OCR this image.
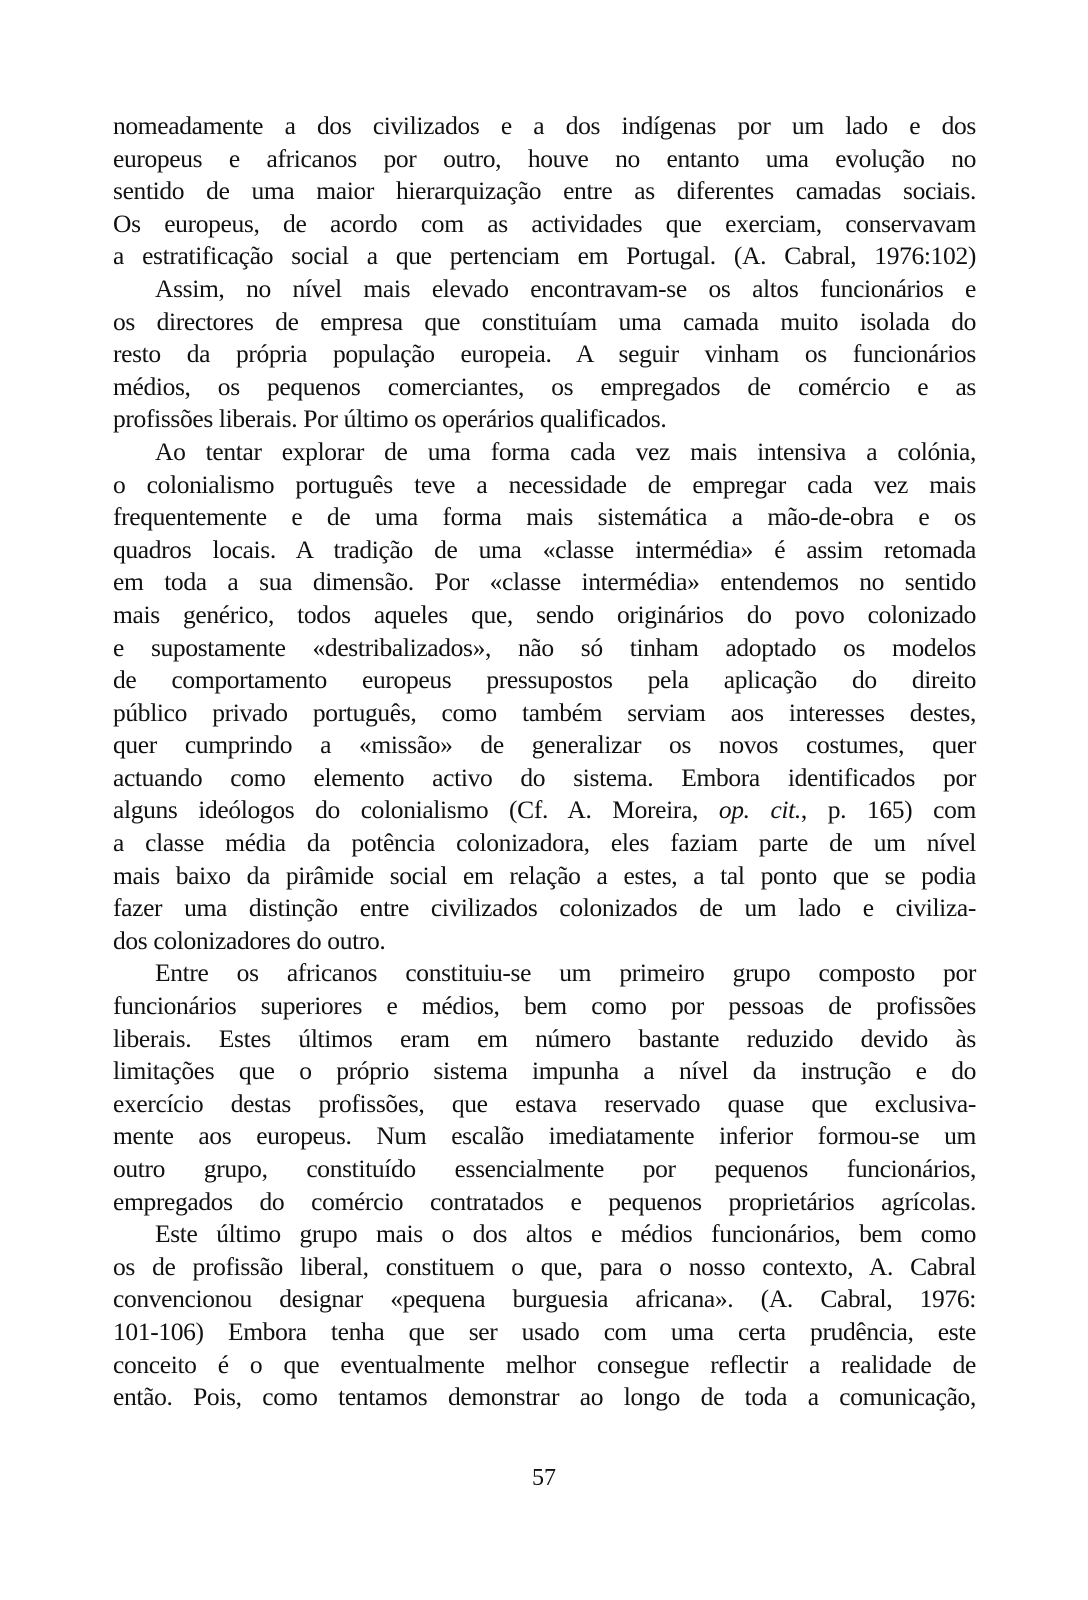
nomeadamente a dos civilizados e a dos indígenas por um lado e dos
europeus e africanos por outro, houve no entanto uma evolução no
sentido de uma maior hierarquização entre as diferentes camadas sociais.
Os europeus, de acordo com as actividades que exerciam, conservavam
a estratificação social a que pertenciam em Portugal. (A. Cabral, 1976:102)
Assim, no nível mais elevado encontravam-se os altos funcionários e
os directores de empresa que constituíam uma camada muito isolada do
resto da própria população europeia. A seguir vinham os funcionários
médios, os pequenos comerciantes, os empregados de comércio e as
profissões liberais. Por último os operários qualificados.
Ao tentar explorar de uma forma cada vez mais intensiva a colónia,
o colonialismo português teve a necessidade de empregar cada vez mais
frequentemente e de uma forma mais sistemática a mão-de-obra e os
quadros locais. A tradição de uma «classe intermédia» é assim retomada
em toda a sua dimensão. Por «classe intermédia» entendemos no sentido
mais genérico, todos aqueles que, sendo originários do povo colonizado
e supostamente «destribalizados», não só tinham adoptado os modelos
de comportamento europeus pressupostos pela aplicação do direito
público privado português, como também serviam aos interesses destes,
quer cumprindo a «missão» de generalizar os novos costumes, quer
actuando como elemento activo do sistema. Embora identificados por
alguns ideólogos do colonialismo (Cf. A. Moreira, op. cit., p. 165) com
a classe média da potência colonizadora, eles faziam parte de um nível
mais baixo da pirâmide social em relação a estes, a tal ponto que se podia
fazer uma distinção entre civilizados colonizados de um lado e civiliza-
dos colonizadores do outro.
Entre os africanos constituiu-se um primeiro grupo composto por
funcionários superiores e médios, bem como por pessoas de profissões
liberais. Estes últimos eram em número bastante reduzido devido às
limitações que o próprio sistema impunha a nível da instrução e do
exercício destas profissões, que estava reservado quase que exclusiva-
mente aos europeus. Num escalão imediatamente inferior formou-se um
outro grupo, constituído essencialmente por pequenos funcionários,
empregados do comércio contratados e pequenos proprietários agrícolas.
Este último grupo mais o dos altos e médios funcionários, bem como
os de profissão liberal, constituem o que, para o nosso contexto, A. Cabral
convencionou designar «pequena burguesia africana». (A. Cabral, 1976:
101-106) Embora tenha que ser usado com uma certa prudência, este
conceito é o que eventualmente melhor consegue reflectir a realidade de
então. Pois, como tentamos demonstrar ao longo de toda a comunicação,
57
